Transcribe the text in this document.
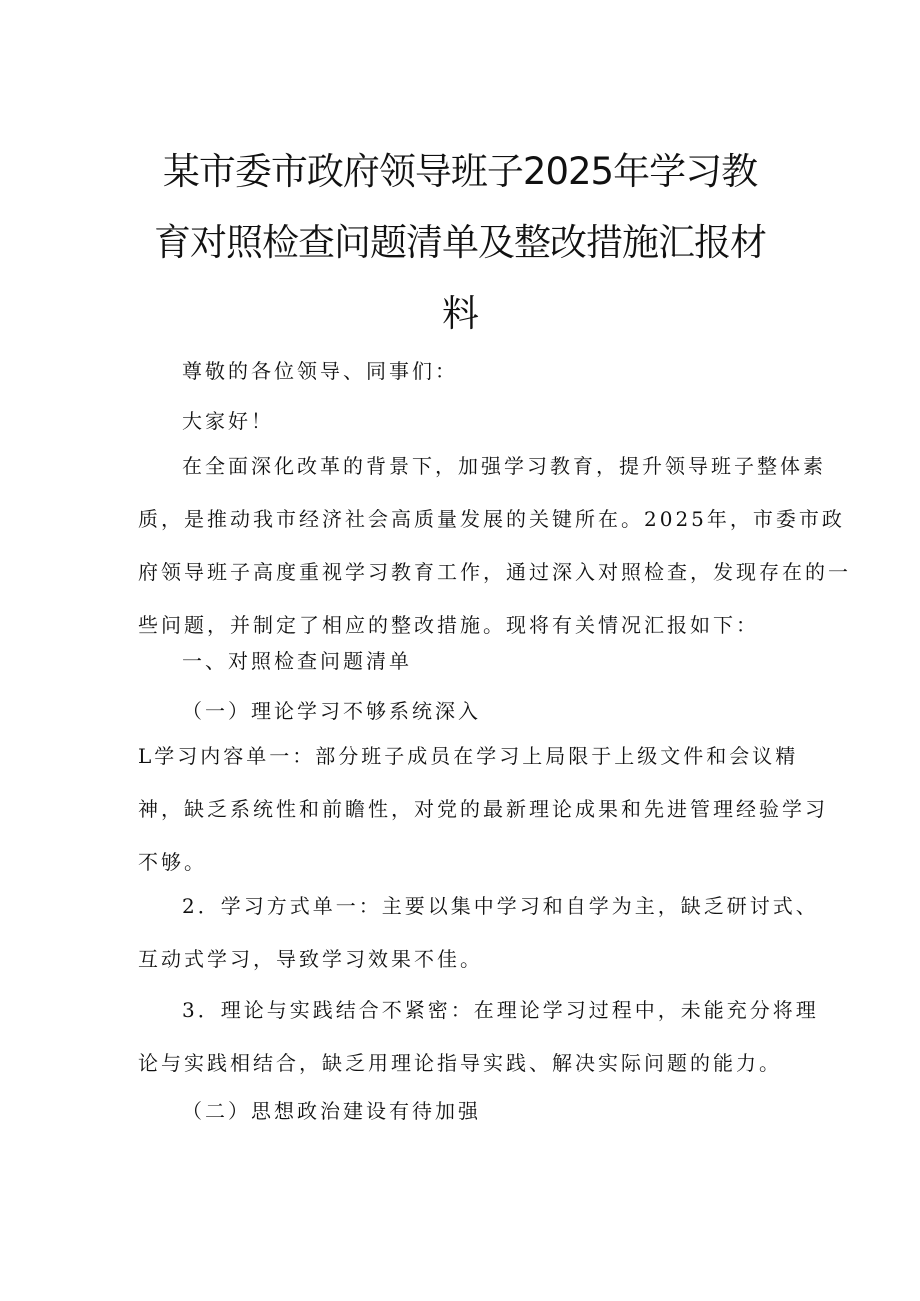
某市委市政府领导班子2025年学习教
育对照检查问题清单及整改措施汇报材
料
尊敬的各位领导、同事们：
大家好！
在全面深化改革的背景下，加强学习教育，提升领导班子整体素
质，是推动我市经济社会高质量发展的关键所在。2025年，市委市政
府领导班子高度重视学习教育工作，通过深入对照检查，发现存在的一
些问题，并制定了相应的整改措施。现将有关情况汇报如下：
一、对照检查问题清单
（一）理论学习不够系统深入
L学习内容单一：部分班子成员在学习上局限于上级文件和会议精
神，缺乏系统性和前瞻性，对党的最新理论成果和先进管理经验学习
不够。
2．学习方式单一：主要以集中学习和自学为主，缺乏研讨式、
互动式学习，导致学习效果不佳。
3．理论与实践结合不紧密：在理论学习过程中，未能充分将理
论与实践相结合，缺乏用理论指导实践、解决实际问题的能力。
（二）思想政治建设有待加强
